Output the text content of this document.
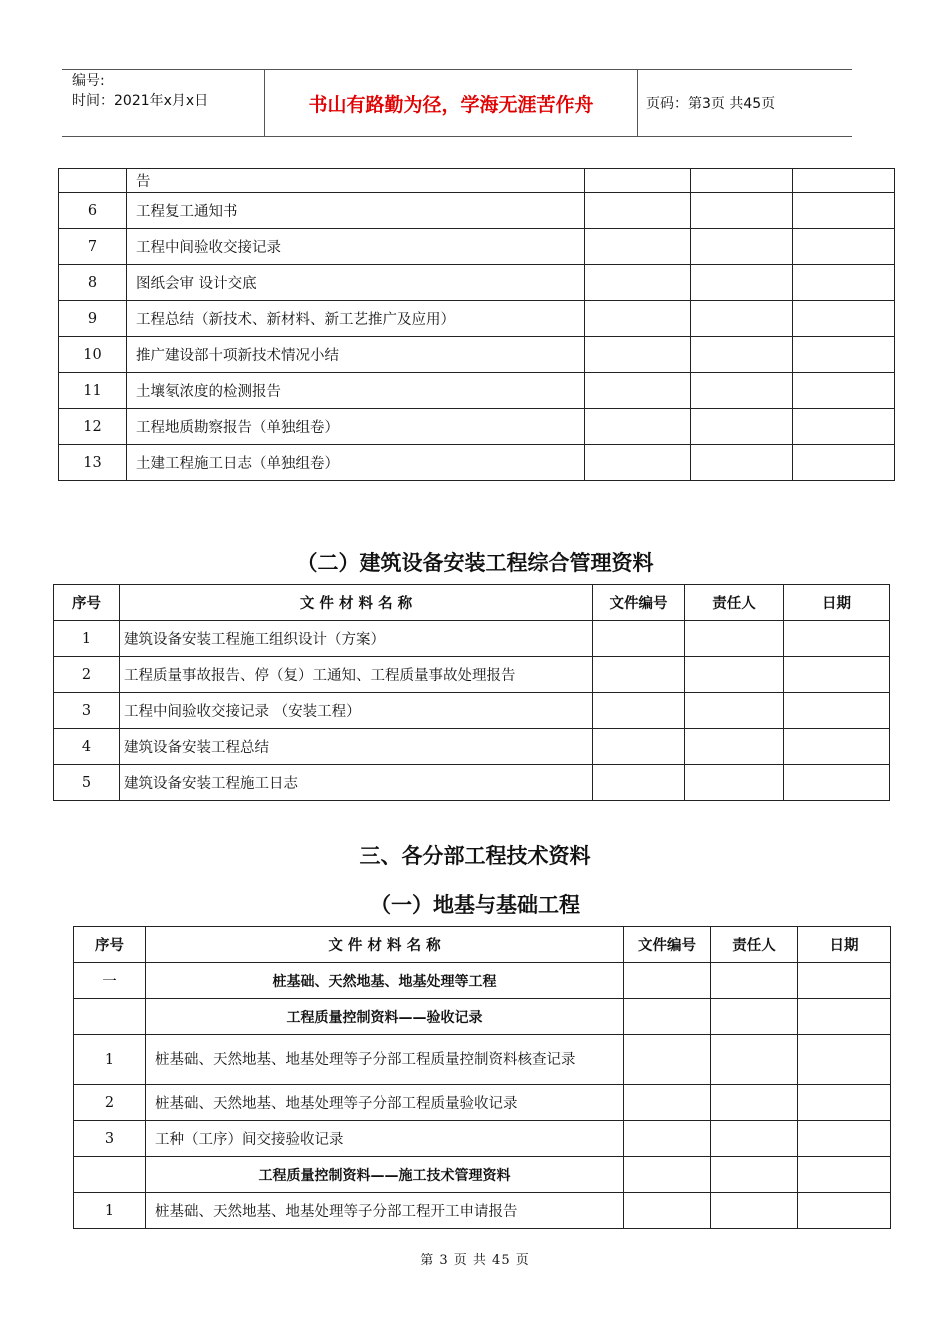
编号:
时间：2021年x月x日	书山有路勤为径，学海无涯苦作舟	页码：第3页 共45页
	告			
6	工程复工通知书			
7	工程中间验收交接记录			
8	图纸会审 设计交底			
9	工程总结（新技术、新材料、新工艺推广及应用）			
10	推广建设部十项新技术情况小结			
11	土壤氡浓度的检测报告			
12	工程地质勘察报告（单独组卷）			
13	土建工程施工日志（单独组卷）			
（二）建筑设备安装工程综合管理资料
序号	文 件 材 料 名 称	文件编号	责任人	日期
1	建筑设备安装工程施工组织设计（方案）			
2	工程质量事故报告、停（复）工通知、工程质量事故处理报告			
3	工程中间验收交接记录 （安装工程）			
4	建筑设备安装工程总结			
5	建筑设备安装工程施工日志			
三、各分部工程技术资料
（一）地基与基础工程
序号	文 件 材 料 名 称	文件编号	责任人	日期
一	桩基础、天然地基、地基处理等工程			
	工程质量控制资料——验收记录			
1	桩基础、天然地基、地基处理等子分部工程质量控制资料核查记录			
2	桩基础、天然地基、地基处理等子分部工程质量验收记录			
3	工种（工序）间交接验收记录			
	工程质量控制资料——施工技术管理资料			
1	桩基础、天然地基、地基处理等子分部工程开工申请报告			
第 3 页 共 45 页
